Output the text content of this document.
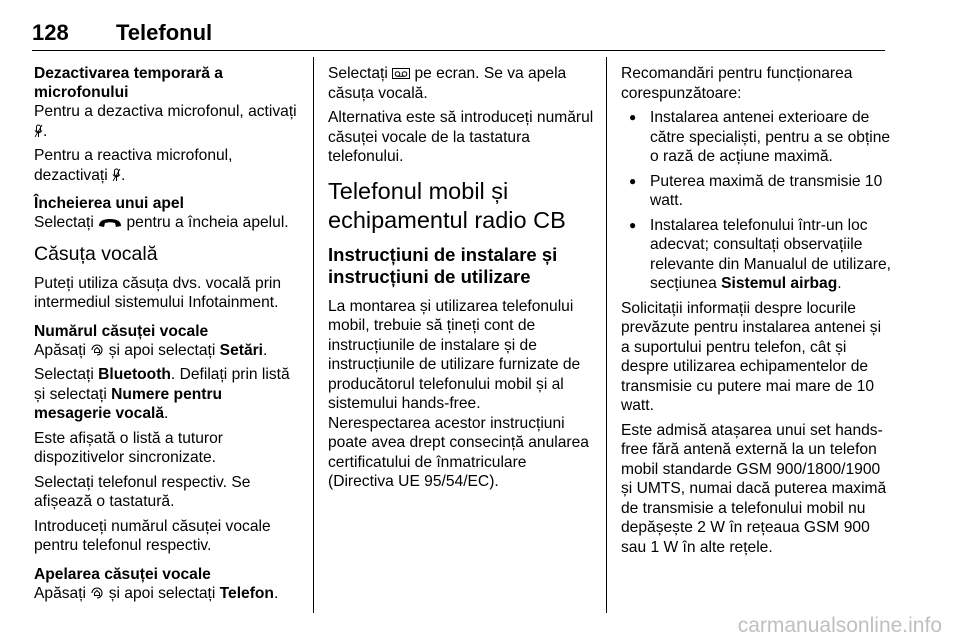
128 Telefonul
Dezactivarea temporară a microfonului

Pentru a dezactiva microfonul, activați .

Pentru a reactiva microfonul, dezactivați .

Încheierea unui apel

Selectați pentru a încheia apelul.

Căsuța vocală

Puteți utiliza căsuța dvs. vocală prin intermediul sistemului Infotainment.

Numărul căsuței vocale

Apăsați și apoi selectați Setări.

Selectați Bluetooth. Defilați prin listă și selectați Numere pentru mesagerie vocală.

Este afișată o listă a tuturor dispozitivelor sincronizate.

Selectați telefonul respectiv. Se afișează o tastatură.

Introduceți numărul căsuței vocale pentru telefonul respectiv.

Apelarea căsuței vocale

Apăsați și apoi selectați Telefon.

Selectați pe ecran. Se va apela căsuța vocală.

Alternativa este să introduceți numărul căsuței vocale de la tastatura telefonului.

Telefonul mobil și echipamentul radio CB
Instrucțiuni de instalare și instrucțiuni de utilizare

La montarea și utilizarea telefonului mobil, trebuie să țineți cont de instrucțiunile de instalare și de instrucțiunile de utilizare furnizate de producătorul telefonului mobil și al sistemului hands-free.

Nerespectarea acestor instrucțiuni poate avea drept consecință anularea certificatului de înmatriculare (Directiva UE 95/54/EC).

Recomandări pentru funcționarea corespunzătoare:

● Instalarea antenei exterioare de către specialiști, pentru a se obține o rază de acțiune maximă.
● Puterea maximă de transmisie 10 watt.
● Instalarea telefonului într-un loc adecvat; consultați observațiile relevante din Manualul de utilizare, secțiunea Sistemul airbag.

Solicitații informații despre locurile prevăzute pentru instalarea antenei și a suportului pentru telefon, cât și despre utilizarea echipamentelor de transmisie cu putere mai mare de 10 watt.

Este admisă atașarea unui set hands-free fără antenă externă la un telefon mobil standarde GSM 900/1800/1900 și UMTS, numai dacă puterea maximă de transmisie a telefonului mobil nu depășește 2 W în rețeaua GSM 900 sau 1 W în alte rețele.

carmanualsonline.info
